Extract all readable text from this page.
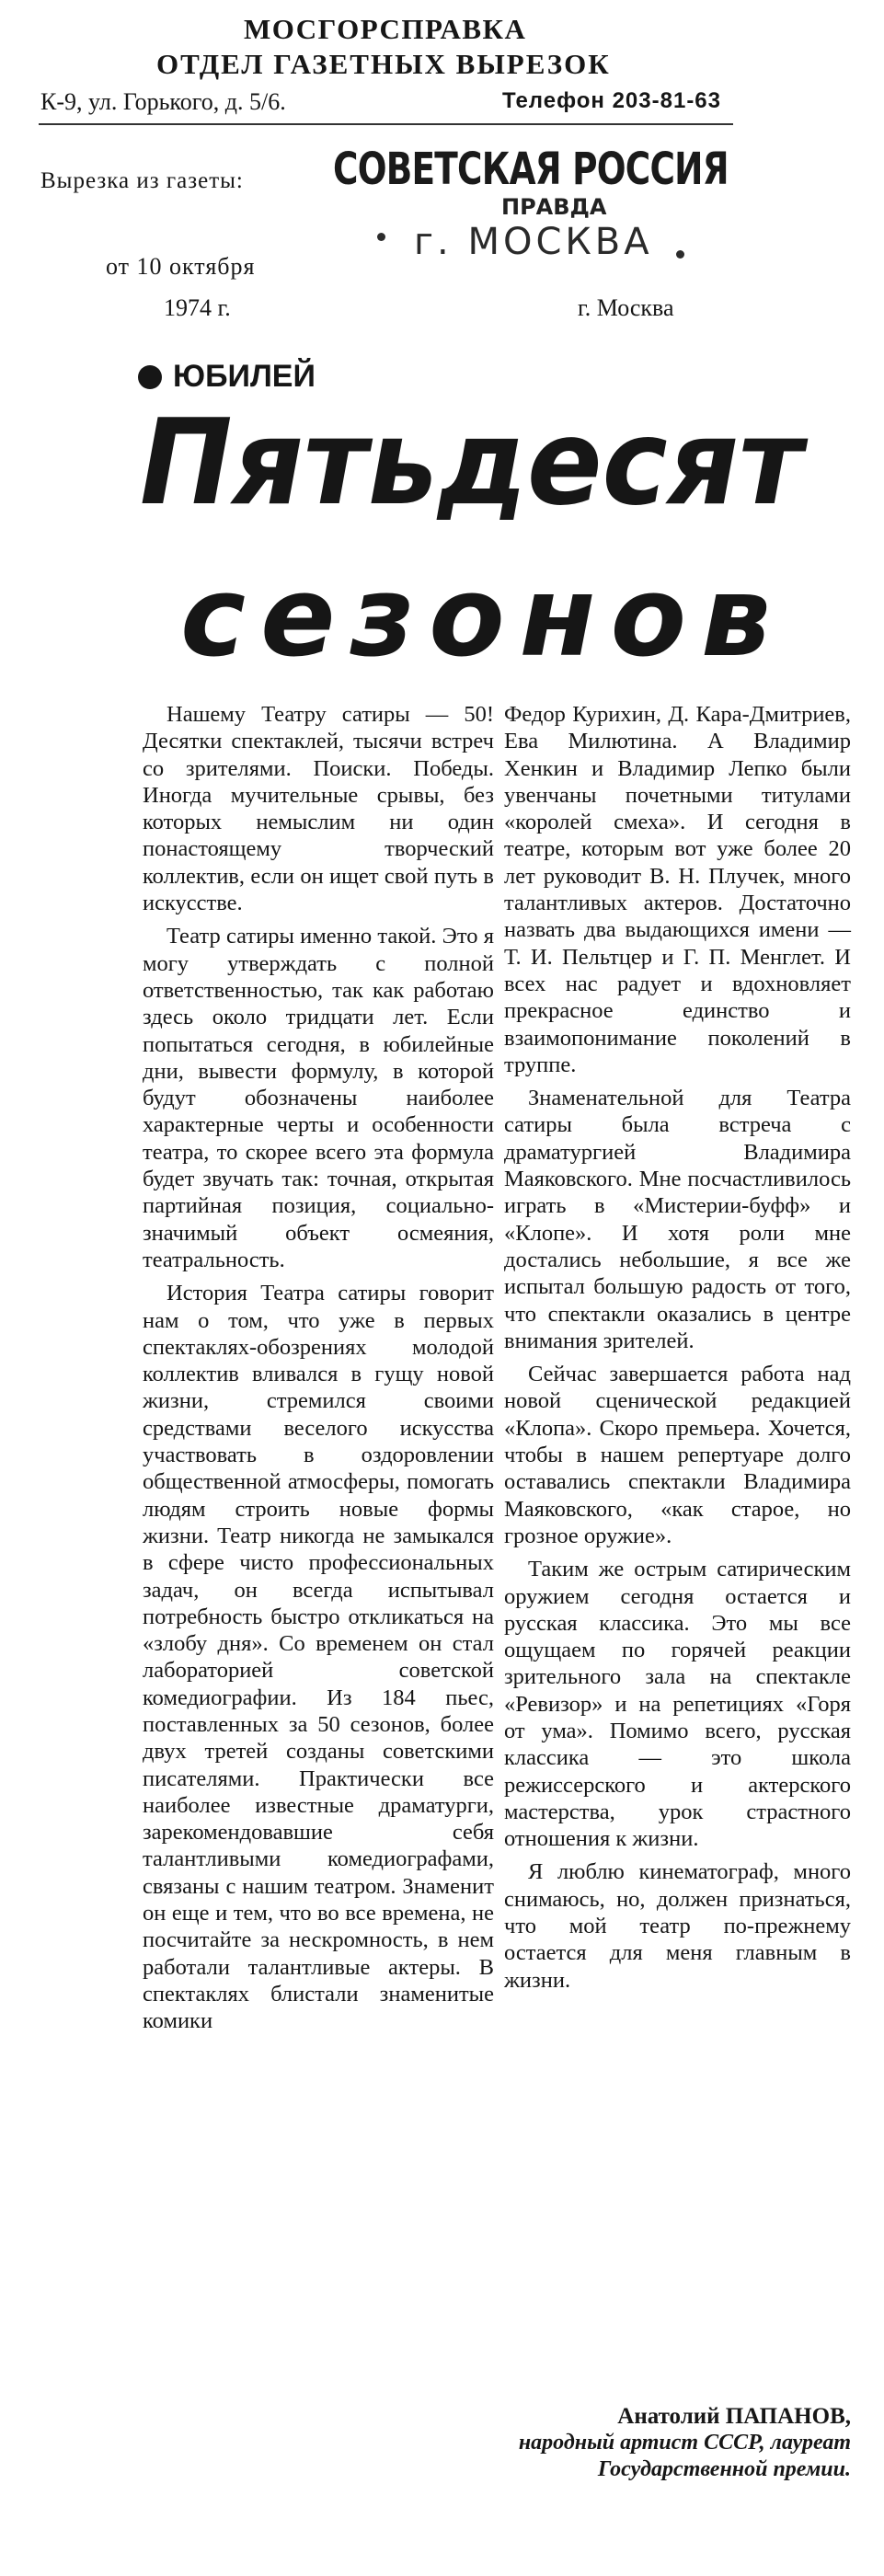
МОСГОРСПРАВКА
ОТДЕЛ ГАЗЕТНЫХ ВЫРЕЗОК
К-9, ул. Горького, д. 5/6.	Телефон 203-81-63
Вырезка из газеты: СОВЕТСКАЯ РОССИЯ
ПРАВДА
г. МОСКВА
от 10 октября
1974 г.	г. Москва
ЮБИЛЕЙ
Пятьдесят
сезонов

Нашему Театру сатиры — 50! Десятки спектаклей, тысячи встреч со зрителями. Поиски. Победы. Иногда мучительные срывы, без которых немыслим ни один понастоящему творческий коллектив, если он ищет свой путь в искусстве.

Театр сатиры именно такой. Это я могу утверждать с полной ответственностью, так как работаю здесь около тридцати лет. Если попытаться сегодня, в юбилейные дни, вывести формулу, в которой будут обозначены наиболее характерные черты и особенности театра, то скорее всего эта формула будет звучать так: точная, открытая партийная позиция, социально-значимый объект осмеяния, театральность.

История Театра сатиры говорит нам о том, что уже в первых спектаклях-обозрениях молодой коллектив вливался в гущу новой жизни, стремился своими средствами веселого искусства участвовать в оздоровлении общественной атмосферы, помогать людям строить новые формы жизни. Театр никогда не замыкался в сфере чисто профессиональных задач, он всегда испытывал потребность быстро откликаться на «злобу дня». Со временем он стал лабораторией советской комедиографии. Из 184 пьес, поставленных за 50 сезонов, более двух третей созданы советскими писателями. Практически все наиболее известные драматурги, зарекомендовавшие себя талантливыми комедиографами, связаны с нашим театром. Знаменит он еще и тем, что во все времена, не посчитайте за нескромность, в нем работали талантливые актеры. В спектаклях блистали знаменитые комики

Федор Курихин, Д. Кара-Дмитриев, Ева Милютина. А Владимир Хенкин и Владимир Лепко были увенчаны почетными титулами «королей смеха». И сегодня в театре, которым вот уже более 20 лет руководит В. Н. Плучек, много талантливых актеров. Достаточно назвать два выдающихся имени — Т. И. Пельтцер и Г. П. Менглет. И всех нас радует и вдохновляет прекрасное единство и взаимопонимание поколений в труппе.

Знаменательной для Театра сатиры была встреча с драматургией Владимира Маяковского. Мне посчастливилось играть в «Мистерии-буфф» и «Клопе». И хотя роли мне достались небольшие, я все же испытал большую радость от того, что спектакли оказались в центре внимания зрителей.

Сейчас завершается работа над новой сценической редакцией «Клопа». Скоро премьера. Хочется, чтобы в нашем репертуаре долго оставались спектакли Владимира Маяковского, «как старое, но грозное оружие».

Таким же острым сатирическим оружием сегодня остается и русская классика. Это мы все ощущаем по горячей реакции зрительного зала на спектакле «Ревизор» и на репетициях «Горя от ума». Помимо всего, русская классика — это школа режиссерского и актерского мастерства, урок страстного отношения к жизни.

Я люблю кинематограф, много снимаюсь, но, должен признаться, что мой театр по-прежнему остается для меня главным в жизни.

Анатолий ПАПАНОВ,
народный артист СССР, лауреат Государственной премии.
